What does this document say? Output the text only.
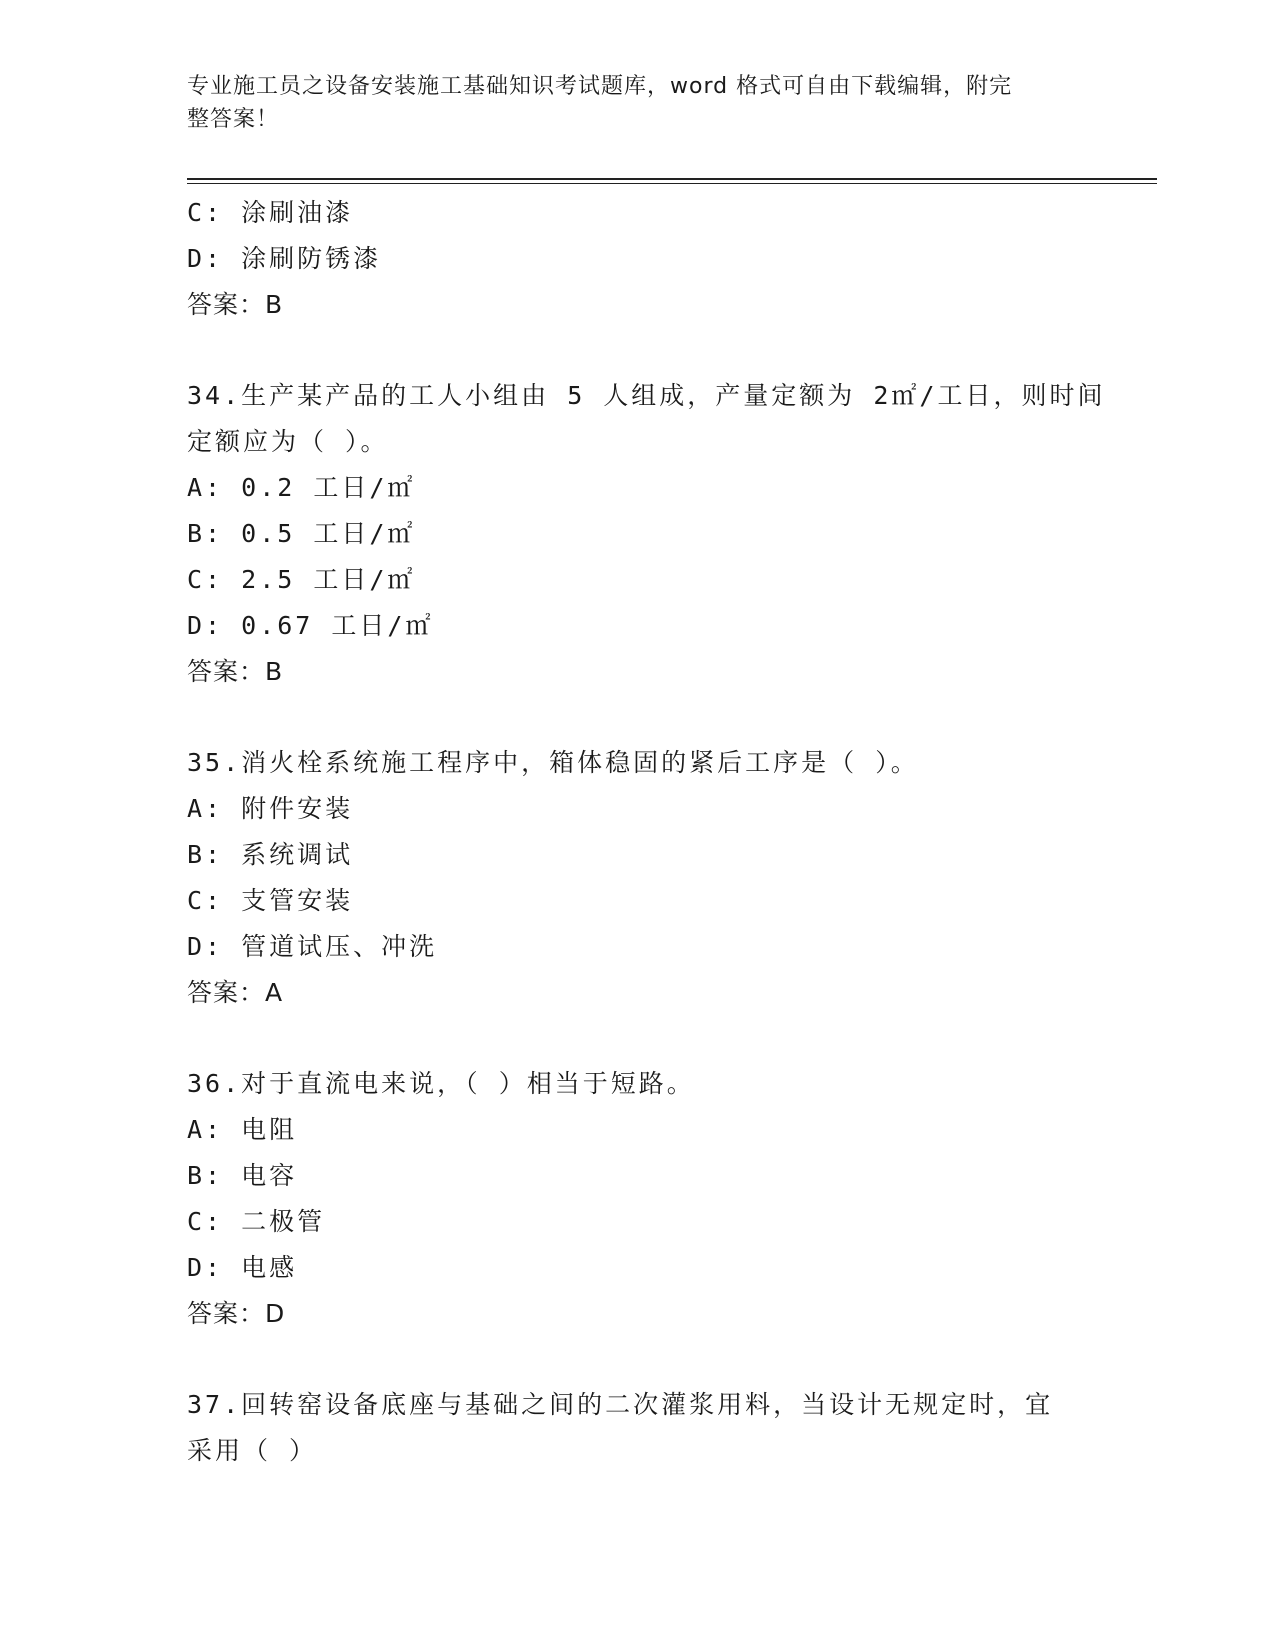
专业施工员之设备安装施工基础知识考试题库，word 格式可自由下载编辑，附完
整答案！
C: 涂刷油漆
D: 涂刷防锈漆
答案：B
34.生产某产品的工人小组由 5 人组成，产量定额为 2㎡/工日，则时间
定额应为（ ）。
A: 0.2 工日/㎡
B: 0.5 工日/㎡
C: 2.5 工日/㎡
D: 0.67 工日/㎡
答案：B
35.消火栓系统施工程序中，箱体稳固的紧后工序是（ ）。
A: 附件安装
B: 系统调试
C: 支管安装
D: 管道试压、冲洗
答案：A
36.对于直流电来说，（ ）相当于短路。
A: 电阻
B: 电容
C: 二极管
D: 电感
答案：D
37.回转窑设备底座与基础之间的二次灌浆用料，当设计无规定时，宜
采用（ ）
